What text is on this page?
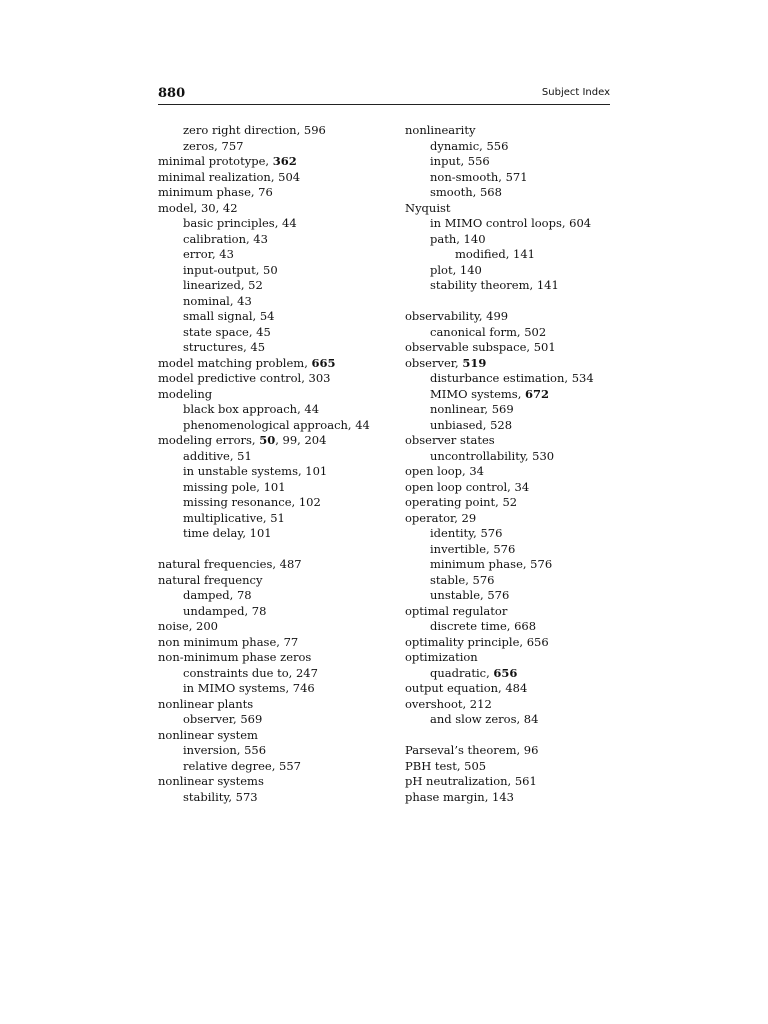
880	Subject Index
zero right direction, 596
zeros, 757
minimal prototype, 362
minimal realization, 504
minimum phase, 76
model, 30, 42
basic principles, 44
calibration, 43
error, 43
input-output, 50
linearized, 52
nominal, 43
small signal, 54
state space, 45
structures, 45
model matching problem, 665
model predictive control, 303
modeling
black box approach, 44
phenomenological approach, 44
modeling errors, 50, 99, 204
additive, 51
in unstable systems, 101
missing pole, 101
missing resonance, 102
multiplicative, 51
time delay, 101
natural frequencies, 487
natural frequency
damped, 78
undamped, 78
noise, 200
non minimum phase, 77
non-minimum phase zeros
constraints due to, 247
in MIMO systems, 746
nonlinear plants
observer, 569
nonlinear system
inversion, 556
relative degree, 557
nonlinear systems
stability, 573
nonlinearity
dynamic, 556
input, 556
non-smooth, 571
smooth, 568
Nyquist
in MIMO control loops, 604
path, 140
modified, 141
plot, 140
stability theorem, 141
observability, 499
canonical form, 502
observable subspace, 501
observer, 519
disturbance estimation, 534
MIMO systems, 672
nonlinear, 569
unbiased, 528
observer states
uncontrollability, 530
open loop, 34
open loop control, 34
operating point, 52
operator, 29
identity, 576
invertible, 576
minimum phase, 576
stable, 576
unstable, 576
optimal regulator
discrete time, 668
optimality principle, 656
optimization
quadratic, 656
output equation, 484
overshoot, 212
and slow zeros, 84
Parseval’s theorem, 96
PBH test, 505
pH neutralization, 561
phase margin, 143
